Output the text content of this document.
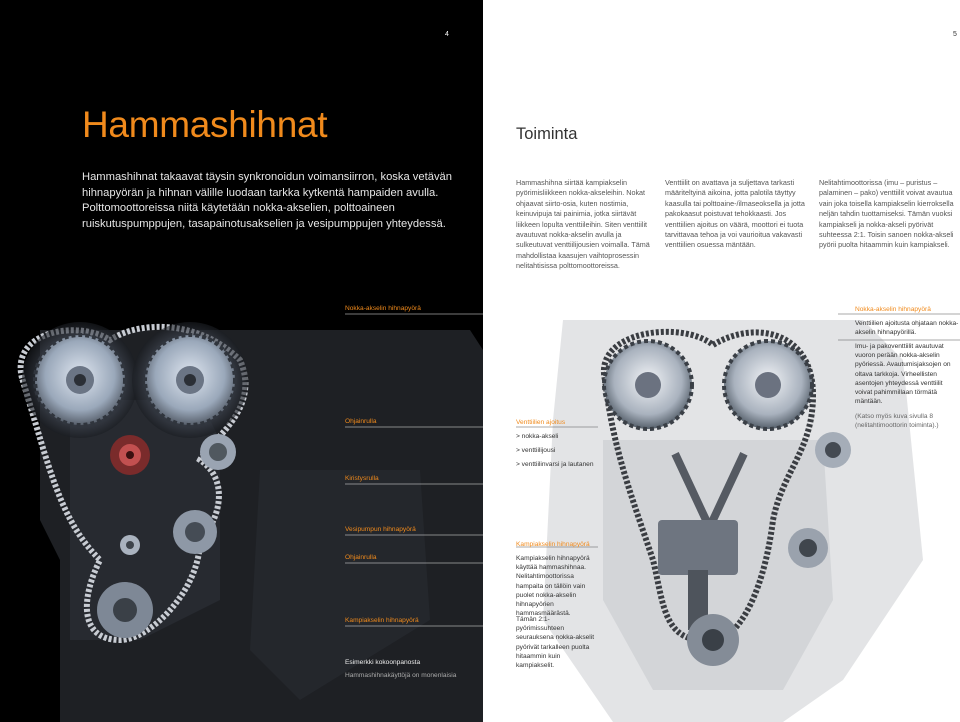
4
Hammashihnat
Hammashihnat takaavat täysin synkronoidun voimansiirron, koska vetävän hihnapyörän ja hihnan välille luodaan tarkka kytkentä hampaiden avulla. Polttomoottoreissa niitä käytetään nokka-akselien, polttoaineen ruiskutuspumppujen, tasapainotusakselien ja vesipumppujen yhteydessä.
Nokka-akselin hihnapyörä
Ohjainrulla
Kiristysrulla
Vesipumpun hihnapyörä
Ohjainrulla
Kampiakselin hihnapyörä
Esimerkki kokoonpanosta
Hammashihnakäyttöjä on monenlaisia
5
Toiminta
Hammashihna siirtää kampiakselin pyörimisliikkeen nokka-akseleihin. Nokat ohjaavat siirto-osia, kuten nostimia, keinuvipuja tai painimia, jotka siirtävät liikkeen lopulta venttiileihin. Siten venttiilit avautuvat nokka-akselin avulla ja sulkeutuvat venttiilijousien voimalla. Tämä mahdollistaa kaasujen vaihtoprosessin nelitahtisissa polttomoottoreissa.
Venttiilit on avattava ja suljettava tarkasti määriteltyinä aikoina, jotta palotila täyttyy kaasulla tai polttoaine-/ilmaseoksella ja jotta pakokaasut poistuvat tehokkaasti. Jos venttiilien ajoitus on väärä, moottori ei tuota tarvittavaa tehoa ja voi vaurioitua vakavasti venttiilien osuessa mäntään.
Nelitahtimoottorissa (imu – puristus – palaminen – pako) venttiilit voivat avautua vain joka toisella kampiakselin kierroksella neljän tahdin tuottamiseksi. Tämän vuoksi kampiakseli ja nokka-akseli pyörivät suhteessa 2:1. Toisin sanoen nokka-akseli pyörii puolta hitaammin kuin kampiakseli.
Venttiilien ajoitus
> nokka-akseli
> venttiilijousi
> venttiilinvarsi ja lautanen
Kampiakselin hihnapyörä
Kampiakselin hihnapyörä käyttää hammashihnaa. Nelitahtimoottorissa hampaita on tällöin vain puolet nokka-akselin hihnapyörien hammasmäärästä.
Tämän 2:1-pyörimissuhteen seurauksena nokka-akselit pyörivät tarkalleen puolta hitaammin kuin kampiakselit.
Nokka-akselin hihnapyörä
Venttiilien ajoitusta ohjataan nokka-akselin hihnapyörillä.
Imu- ja pakoventtiilit avautuvat vuoron perään nokka-akselin pyöriessä. Avautumisjaksojen on oltava tarkkoja. Virheellisten asentojen yhteydessä venttiilit voivat pahimmillaan törmätä mäntään.
(Katso myös kuva sivulla 8 (nelitahtimoottorin toiminta).)
